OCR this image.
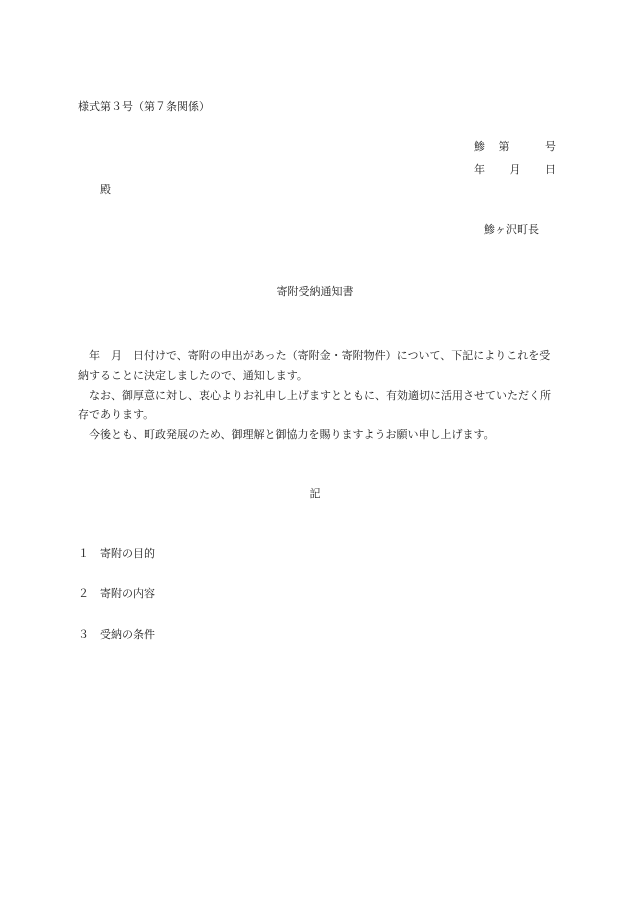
様式第３号（第７条関係）
鯵 第	号
年 月 日
殿
鯵ヶ沢町長
寄附受納通知書

年　月　日付けで、寄附の申出があった（寄附金・寄附物件）について、下記によりこれを受納することに決定しましたので、通知します。

なお、御厚意に対し、衷心よりお礼申し上げますとともに、有効適切に活用させていただく所存であります。

今後とも、町政発展のため、御理解と御協力を賜りますようお願い申し上げます。

記
１ 寄附の目的
２ 寄附の内容
３ 受納の条件
